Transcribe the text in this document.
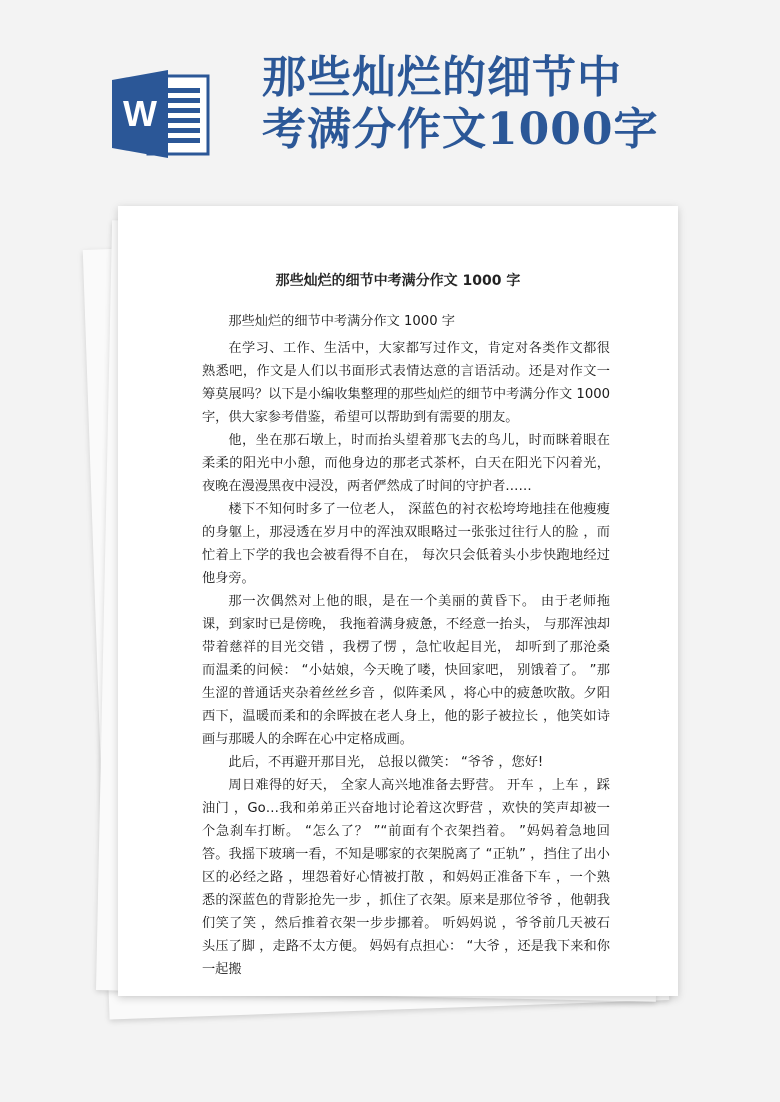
W
那些灿烂的细节中
考满分作文1000字
那些灿烂的细节中考满分作文 1000 字

那些灿烂的细节中考满分作文 1000 字

在学习、工作、生活中，大家都写过作文，肯定对各类作文都很熟悉吧，作文是人们以书面形式表情达意的言语活动。还是对作文一筹莫展吗？以下是小编收集整理的那些灿烂的细节中考满分作文 1000 字，供大家参考借鉴，希望可以帮助到有需要的朋友。

他，坐在那石墩上，时而抬头望着那飞去的鸟儿，时而眯着眼在柔柔的阳光中小憩，而他身边的那老式茶杯，白天在阳光下闪着光，夜晚在漫漫黑夜中浸没，两者俨然成了时间的守护者……

楼下不知何时多了一位老人， 深蓝色的衬衣松垮垮地挂在他瘦瘦的身躯上，那浸透在岁月中的浑浊双眼略过一张张过往行人的脸 ，而忙着上下学的我也会被看得不自在， 每次只会低着头小步快跑地经过他身旁。

那一次偶然对上他的眼，是在一个美丽的黄昏下。 由于老师拖课，到家时已是傍晚， 我拖着满身疲惫，不经意一抬头， 与那浑浊却带着慈祥的目光交错 ，我楞了愣 ，急忙收起目光， 却听到了那沧桑而温柔的问候： “小姑娘，今天晚了喽，快回家吧， 别饿着了。 ”那生涩的普通话夹杂着丝丝乡音 ，似阵柔风 ，将心中的疲惫吹散。夕阳西下，温暖而柔和的余晖披在老人身上，他的影子被拉长 ，他笑如诗画与那暖人的余晖在心中定格成画。

此后，不再避开那目光， 总报以微笑： “爷爷 ，您好!

周日难得的好天， 全家人高兴地准备去野营。 开车 ，上车 ，踩油门 ，Go…我和弟弟正兴奋地讨论着这次野营 ，欢快的笑声却被一个急刹车打断。 “怎么了？ ”“前面有个衣架挡着。 ”妈妈着急地回答。我摇下玻璃一看，不知是哪家的衣架脱离了 “正轨” ，挡住了出小区的必经之路 ，埋怨着好心情被打散 ，和妈妈正准备下车 ，一个熟悉的深蓝色的背影抢先一步 ，抓住了衣架。原来是那位爷爷 ，他朝我们笑了笑 ，然后推着衣架一步步挪着。 听妈妈说 ，爷爷前几天被石头压了脚 ，走路不太方便。 妈妈有点担心： “大爷 ，还是我下来和你一起搬
